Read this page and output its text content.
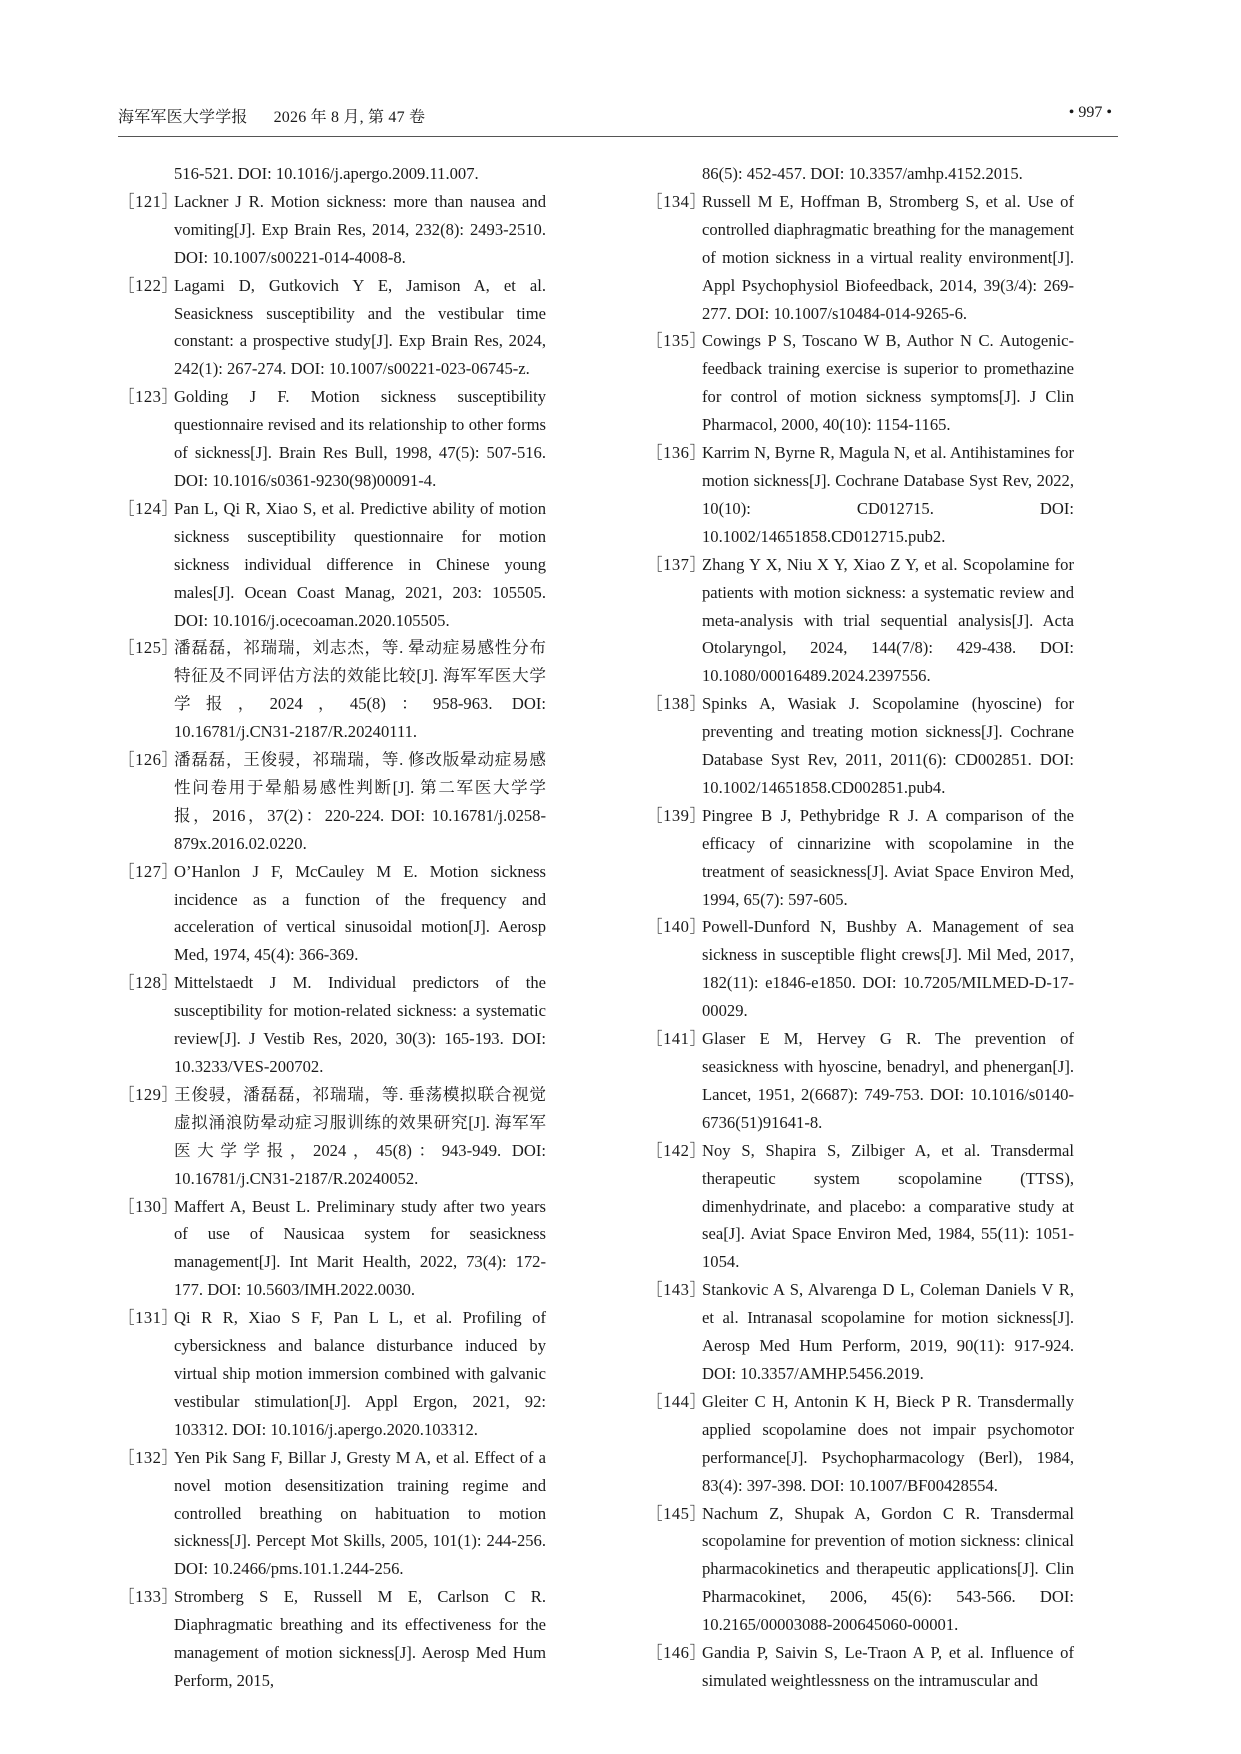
海军军医大学学报 2026 年 8 月, 第 47 卷	• 997 •

516-521. DOI: 10.1016/j.apergo.2009.11.007.

［121］
Lackner J R. Motion sickness: more than nausea and vomiting[J]. Exp Brain Res, 2014, 232(8): 2493-2510. DOI: 10.1007/s00221-014-4008-8.

［122］
Lagami D, Gutkovich Y E, Jamison A, et al. Seasickness susceptibility and the vestibular time constant: a prospective study[J]. Exp Brain Res, 2024, 242(1): 267-274. DOI: 10.1007/s00221-023-06745-z.

［123］
Golding J F. Motion sickness susceptibility questionnaire revised and its relationship to other forms of sickness[J]. Brain Res Bull, 1998, 47(5): 507-516. DOI: 10.1016/s0361-9230(98)00091-4.

［124］
Pan L, Qi R, Xiao S, et al. Predictive ability of motion sickness susceptibility questionnaire for motion sickness individual difference in Chinese young males[J]. Ocean Coast Manag, 2021, 203: 105505. DOI: 10.1016/j.ocecoaman.2020.105505.

［125］
潘磊磊，祁瑞瑞，刘志杰，等. 晕动症易感性分布特征及不同评估方法的效能比较[J]. 海军军医大学学报，2024，45(8)：958-963. DOI: 10.16781/j.CN31-2187/R.20240111.

［126］
潘磊磊，王俊骎，祁瑞瑞，等. 修改版晕动症易感性问卷用于晕船易感性判断[J]. 第二军医大学学报，2016，37(2)：220-224. DOI: 10.16781/j.0258-879x.2016.02.0220.

［127］
O’Hanlon J F, McCauley M E. Motion sickness incidence as a function of the frequency and acceleration of vertical sinusoidal motion[J]. Aerosp Med, 1974, 45(4): 366-369.

［128］
Mittelstaedt J M. Individual predictors of the susceptibility for motion-related sickness: a systematic review[J]. J Vestib Res, 2020, 30(3): 165-193. DOI: 10.3233/VES-200702.

［129］
王俊骎，潘磊磊，祁瑞瑞，等. 垂荡模拟联合视觉虚拟涌浪防晕动症习服训练的效果研究[J]. 海军军医大学学报，2024，45(8)：943-949. DOI: 10.16781/j.CN31-2187/R.20240052.

［130］
Maffert A, Beust L. Preliminary study after two years of use of Nausicaa system for seasickness management[J]. Int Marit Health, 2022, 73(4): 172-177. DOI: 10.5603/IMH.2022.0030.

［131］
Qi R R, Xiao S F, Pan L L, et al. Profiling of cybersickness and balance disturbance induced by virtual ship motion immersion combined with galvanic vestibular stimulation[J]. Appl Ergon, 2021, 92: 103312. DOI: 10.1016/j.apergo.2020.103312.

［132］
Yen Pik Sang F, Billar J, Gresty M A, et al. Effect of a novel motion desensitization training regime and controlled breathing on habituation to motion sickness[J]. Percept Mot Skills, 2005, 101(1): 244-256. DOI: 10.2466/pms.101.1.244-256.

［133］
Stromberg S E, Russell M E, Carlson C R. Diaphragmatic breathing and its effectiveness for the management of motion sickness[J]. Aerosp Med Hum Perform, 2015,

86(5): 452-457. DOI: 10.3357/amhp.4152.2015.

［134］
Russell M E, Hoffman B, Stromberg S, et al. Use of controlled diaphragmatic breathing for the management of motion sickness in a virtual reality environment[J]. Appl Psychophysiol Biofeedback, 2014, 39(3/4): 269-277. DOI: 10.1007/s10484-014-9265-6.

［135］
Cowings P S, Toscano W B, Author N C. Autogenic-feedback training exercise is superior to promethazine for control of motion sickness symptoms[J]. J Clin Pharmacol, 2000, 40(10): 1154-1165.

［136］
Karrim N, Byrne R, Magula N, et al. Antihistamines for motion sickness[J]. Cochrane Database Syst Rev, 2022, 10(10): CD012715. DOI: 10.1002/14651858.CD012715.pub2.

［137］
Zhang Y X, Niu X Y, Xiao Z Y, et al. Scopolamine for patients with motion sickness: a systematic review and meta-analysis with trial sequential analysis[J]. Acta Otolaryngol, 2024, 144(7/8): 429-438. DOI: 10.1080/00016489.2024.2397556.

［138］
Spinks A, Wasiak J. Scopolamine (hyoscine) for preventing and treating motion sickness[J]. Cochrane Database Syst Rev, 2011, 2011(6): CD002851. DOI: 10.1002/14651858.CD002851.pub4.

［139］
Pingree B J, Pethybridge R J. A comparison of the efficacy of cinnarizine with scopolamine in the treatment of seasickness[J]. Aviat Space Environ Med, 1994, 65(7): 597-605.

［140］
Powell-Dunford N, Bushby A. Management of sea sickness in susceptible flight crews[J]. Mil Med, 2017, 182(11): e1846-e1850. DOI: 10.7205/MILMED-D-17-00029.

［141］
Glaser E M, Hervey G R. The prevention of seasickness with hyoscine, benadryl, and phenergan[J]. Lancet, 1951, 2(6687): 749-753. DOI: 10.1016/s0140-6736(51)91641-8.

［142］
Noy S, Shapira S, Zilbiger A, et al. Transdermal therapeutic system scopolamine (TTSS), dimenhydrinate, and placebo: a comparative study at sea[J]. Aviat Space Environ Med, 1984, 55(11): 1051-1054.

［143］
Stankovic A S, Alvarenga D L, Coleman Daniels V R, et al. Intranasal scopolamine for motion sickness[J]. Aerosp Med Hum Perform, 2019, 90(11): 917-924. DOI: 10.3357/AMHP.5456.2019.

［144］
Gleiter C H, Antonin K H, Bieck P R. Transdermally applied scopolamine does not impair psychomotor performance[J]. Psychopharmacology (Berl), 1984, 83(4): 397-398. DOI: 10.1007/BF00428554.

［145］
Nachum Z, Shupak A, Gordon C R. Transdermal scopolamine for prevention of motion sickness: clinical pharmacokinetics and therapeutic applications[J]. Clin Pharmacokinet, 2006, 45(6): 543-566. DOI: 10.2165/00003088-200645060-00001.

［146］
Gandia P, Saivin S, Le-Traon A P, et al. Influence of simulated weightlessness on the intramuscular and
